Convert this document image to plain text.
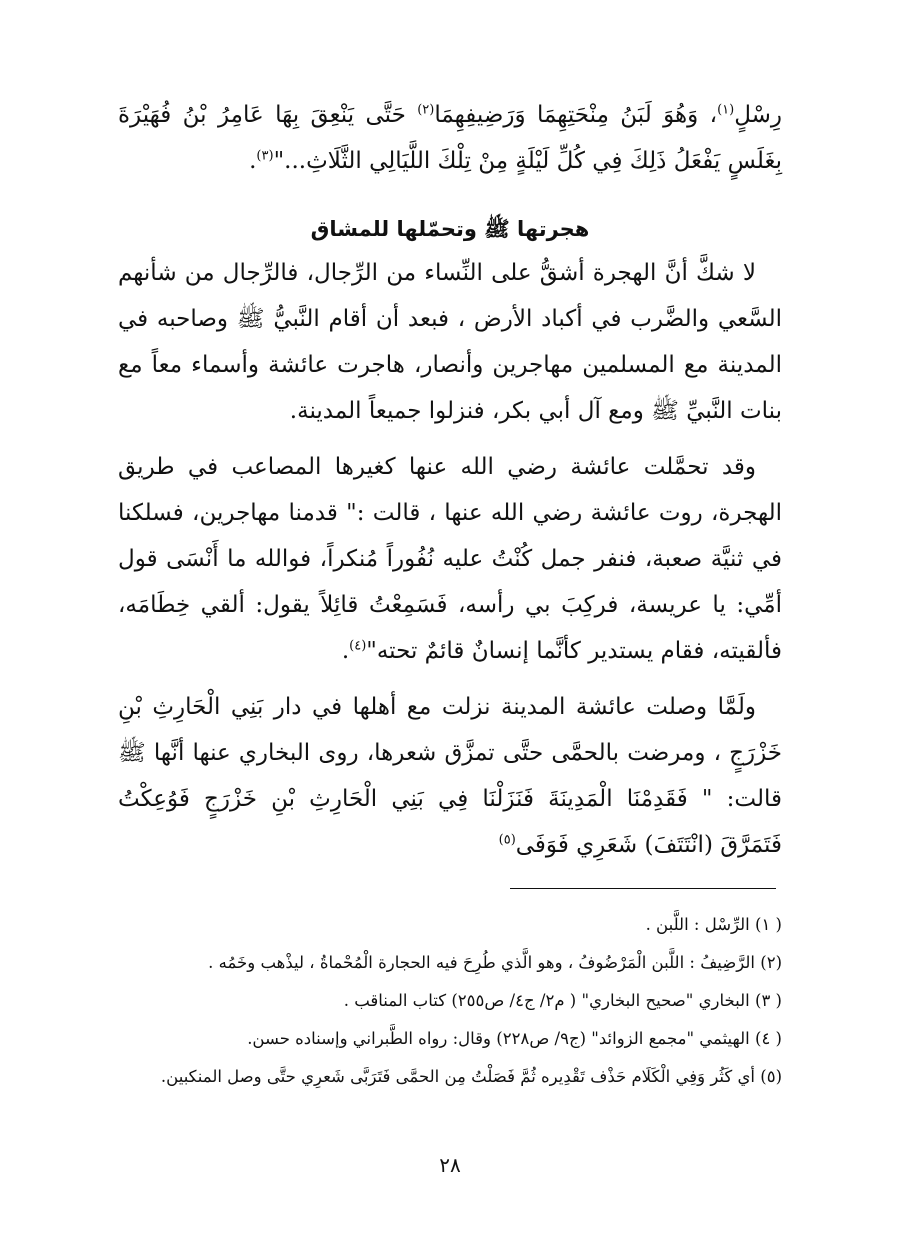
رِسْلٍ$^{(١)}$، وَهُوَ لَبَنُ مِنْحَتِهِمَا وَرَضِيفِهِمَا$^{(٢)}$ حَتَّى يَنْعِقَ بِهَا عَامِرُ بْنُ فُهَيْرَةَ بِغَلَسٍ يَفْعَلُ ذَلِكَ فِي كُلِّ لَيْلَةٍ مِنْ تِلْكَ اللَّيَالِي الثَّلَاثِ..."$^{(٣)}$.

هجرتها ﷺ وتحمّلها للمشاق

لا شكَّ أنَّ الهجرة أشقُّ على النِّساء من الرِّجال، فالرِّجال من شأنهم السَّعي والضَّرب في أكباد الأرض ، فبعد أن أقام النَّبيُّ ﷺ وصاحبه في المدينة مع المسلمين مهاجرين وأنصار، هاجرت عائشة وأسماء معاً مع بنات النَّبيِّ ﷺ ومع آل أبي بكر، فنزلوا جميعاً المدينة.

وقد تحمَّلت عائشة رضي الله عنها كغيرها المصاعب في طريق الهجرة، روت عائشة رضي الله عنها ، قالت :" قدمنا مهاجرين، فسلكنا في ثنيَّة صعبة، فنفر جمل كُنْتُ عليه نُفُوراً مُنكراً، فوالله ما أَنْسَى قول أمِّي: يا عريسة، فركِبَ بي رأسه، فَسَمِعْتُ قائِلاً يقول: ألقي خِطَامَه، فألقيته، فقام يستدير كأنَّما إنسانٌ قائمٌ تحته"$^{(٤)}$.

ولَمَّا وصلت عائشة المدينة نزلت مع أهلها في دار بَنِي الْحَارِثِ بْنِ خَزْرَجٍ ، ومرضت بالحمَّى حتَّى تمزَّق شعرها، روى البخاري عنها أنَّها ﷺ قالت: " فَقَدِمْنَا الْمَدِينَةَ فَنَزَلْنَا فِي بَنِي الْحَارِثِ بْنِ خَزْرَجٍ فَوُعِكْتُ فَتَمَرَّقَ (انْتَتَفَ) شَعَرِي فَوَفَى$^{(٥)}$

( ١) الرِّسْل : اللَّبن .

(٢) الرَّضِيفُ : اللَّبن الْمَرْضُوفُ ، وهو الَّذي طُرِحَ فيه الحجارة الْمُحْماةُ ، ليذْهب وخَمُه .

( ٣) البخاري "صحيح البخاري" ( م٢/ ج٤/ ص٢٥٥) كتاب المناقب .

( ٤) الهيثمي "مجمع الزوائد" (ج٩/ ص٢٢٨) وقال: رواه الطَّبراني وإسناده حسن.

(٥) أي كَثُر وَفِي الْكَلَام حَذْف تَقْدِيره ثُمَّ فَصَلْتُ مِن الحمَّى فَتَرَبَّى شَعرِي حتَّى وصل المنكبين.

٢٨
